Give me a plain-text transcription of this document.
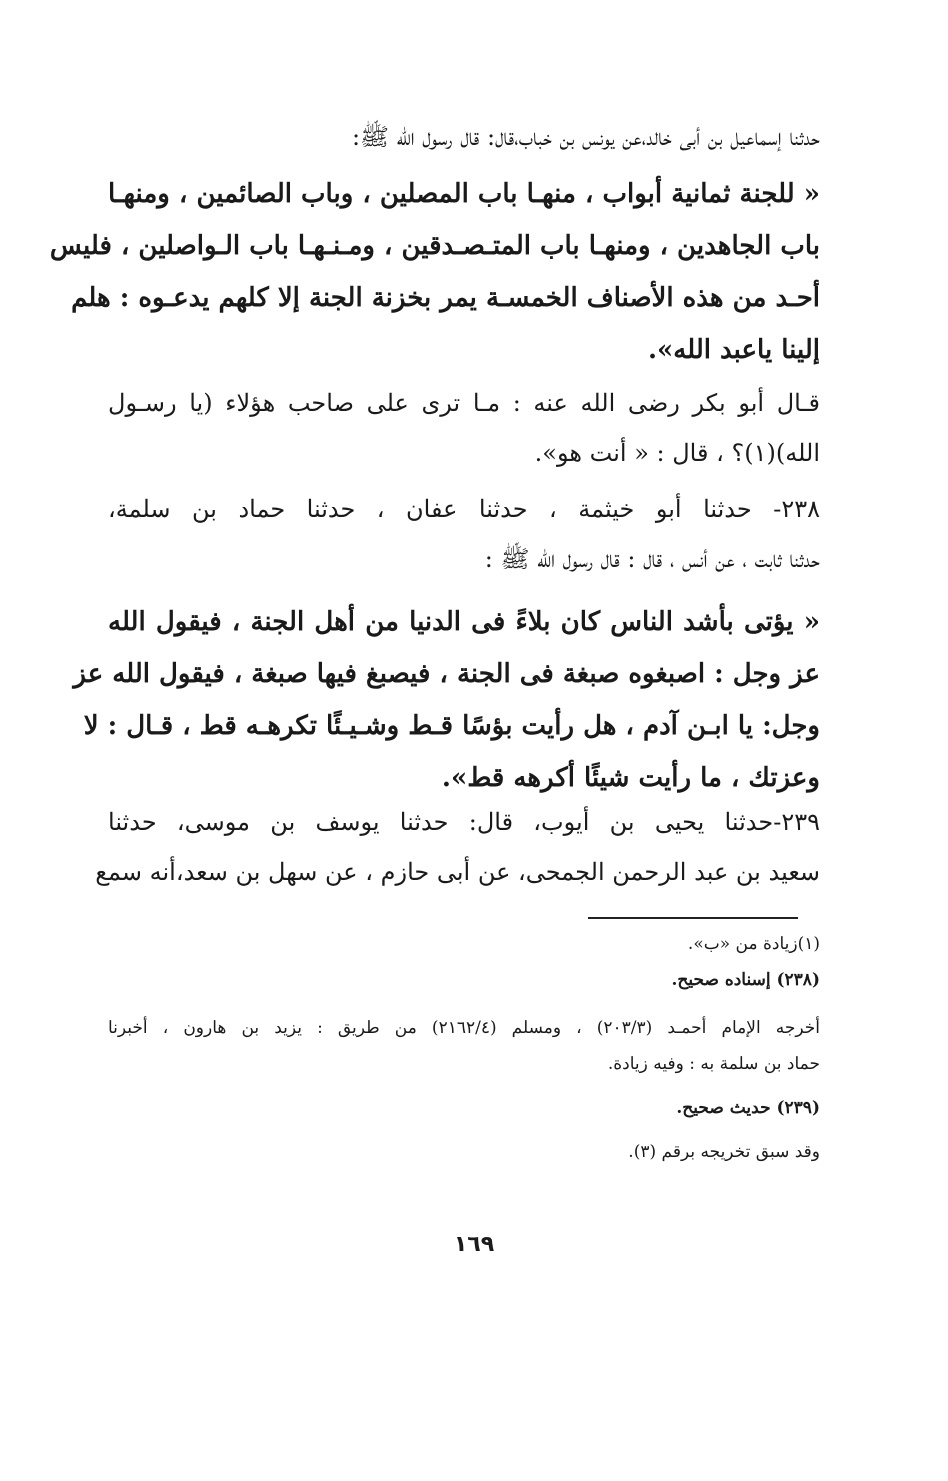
حدثنا إسماعيل بن أبى خالد،عن يونس بن خباب،قال: قال رسول الله ﷺ:

« للجنة ثمانية أبواب ، منهـا باب المصلين ، وباب الصائمين ، ومنهـا
باب الجاهدين ، ومنهـا باب المتـصـدقين ، ومـنـهـا باب الـواصلين ، فليس
أحـد من هذه الأصناف الخمسـة يمر بخزنة الجنة إلا كلهم يدعـوه : هلم
إلينا ياعبد الله».

قـال أبو بكر رضى الله عنه : مـا ترى على صاحب هؤلاء (يا رسـول
الله)(١)؟ ، قال : « أنت هو».

٢٣٨- حدثنا أبو خيثمة ، حدثنا عفان ، حدثنا حماد بن سلمة،
حدثنا ثابت ، عن أنس ، قال : قال رسول الله ﷺ :

« يؤتى بأشد الناس كان بلاءً فى الدنيا من أهل الجنة ، فيقول الله
عز وجل : اصبغوه صبغة فى الجنة ، فيصبغ فيها صبغة ، فيقول الله عز
وجل: يا ابـن آدم ، هل رأيت بؤسًا قـط وشـيـئًا تكرهـه قط ، قـال : لا
وعزتك ، ما رأيت شيئًا أكرهه قط».

٢٣٩-حدثنا يحيى بن أيوب، قال: حدثنا يوسف بن موسى، حدثنا
سعيد بن عبد الرحمن الجمحى، عن أبى حازم ، عن سهل بن سعد،أنه سمع

(١)زيادة من «ب».

(٢٣٨) إسناده صحيح.

أخرجه الإمام أحمـد (٢٠٣/٣) ، ومسلم (٢١٦٢/٤) من طريق : يزيد بن هارون ، أخبرنا
حماد بن سلمة به : وفيه زيادة.

(٢٣٩) حديث صحيح.

وقد سبق تخريجه برقم (٣).

١٦٩
